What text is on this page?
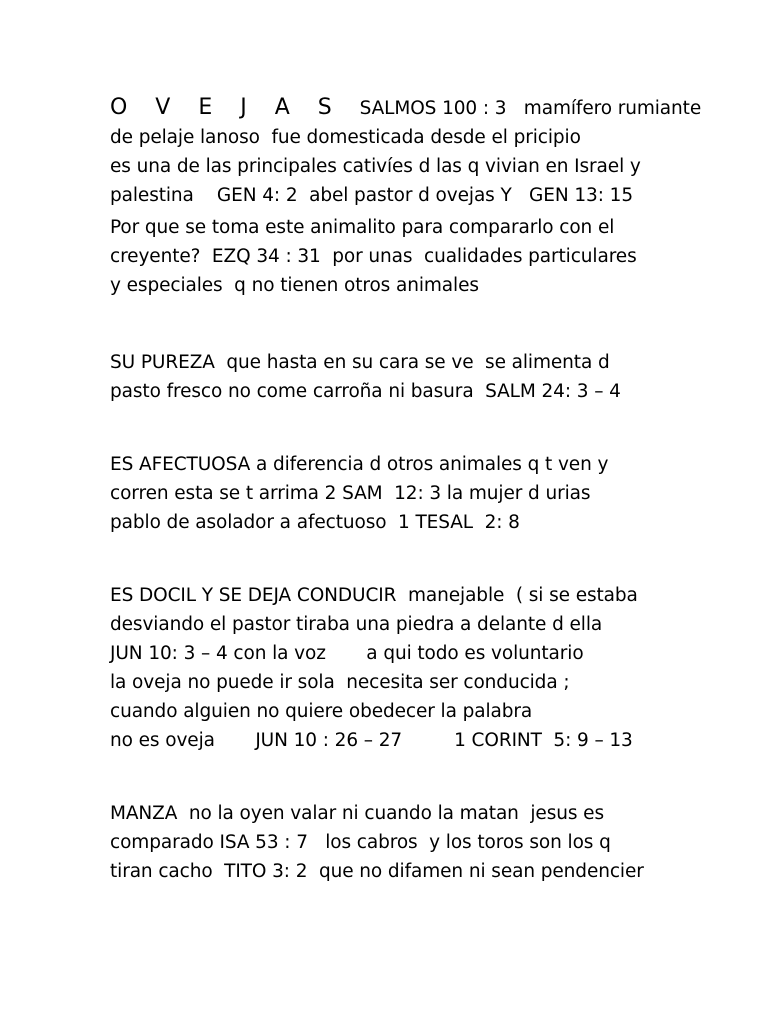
O V E J A S   SALMOS 100 : 3   mamífero rumiante
de pelaje lanoso  fue domesticada desde el pricipio
es una de las principales cativíes d las q vivian en Israel y
palestina    GEN 4: 2  abel pastor d ovejas Y   GEN 13: 15
Por que se toma este animalito para compararlo con el
creyente?  EZQ 34 : 31  por unas  cualidades particulares
y especiales  q no tienen otros animales
SU PUREZA  que hasta en su cara se ve  se alimenta d
pasto fresco no come carroña ni basura  SALM 24: 3 – 4
ES AFECTUOSA a diferencia d otros animales q t ven y
corren esta se t arrima 2 SAM  12: 3 la mujer d urias
pablo de asolador a afectuoso  1 TESAL  2: 8
ES DOCIL Y SE DEJA CONDUCIR  manejable  ( si se estaba
desviando el pastor tiraba una piedra a delante d ella
JUN 10: 3 – 4 con la voz       a qui todo es voluntario
la oveja no puede ir sola  necesita ser conducida ;
cuando alguien no quiere obedecer la palabra
no es oveja       JUN 10 : 26 – 27         1 CORINT  5: 9 – 13
MANZA  no la oyen valar ni cuando la matan  jesus es
comparado ISA 53 : 7   los cabros  y los toros son los q
tiran cacho  TITO 3: 2  que no difamen ni sean pendencier
